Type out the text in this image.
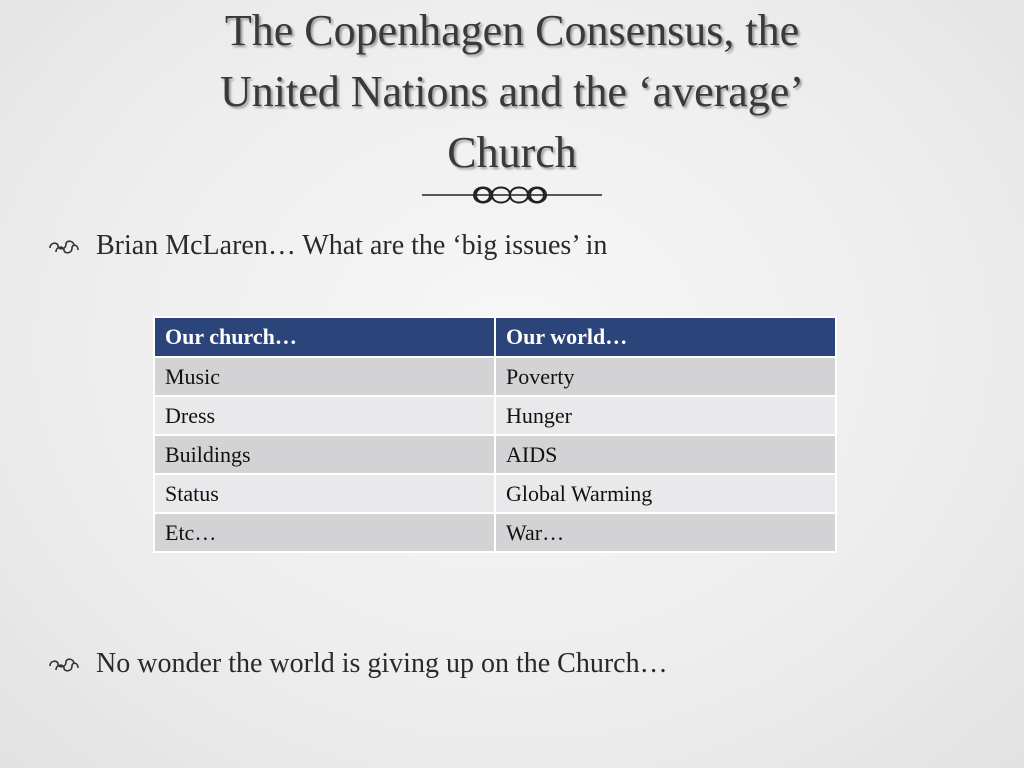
The Copenhagen Consensus, the
United Nations and the ‘average’
Church
Brian McLaren… What are the ‘big issues’ in
Our church…	Our world…
Music	Poverty
Dress	Hunger
Buildings	AIDS
Status	Global Warming
Etc…	War…
No wonder the world is giving up on the Church…
